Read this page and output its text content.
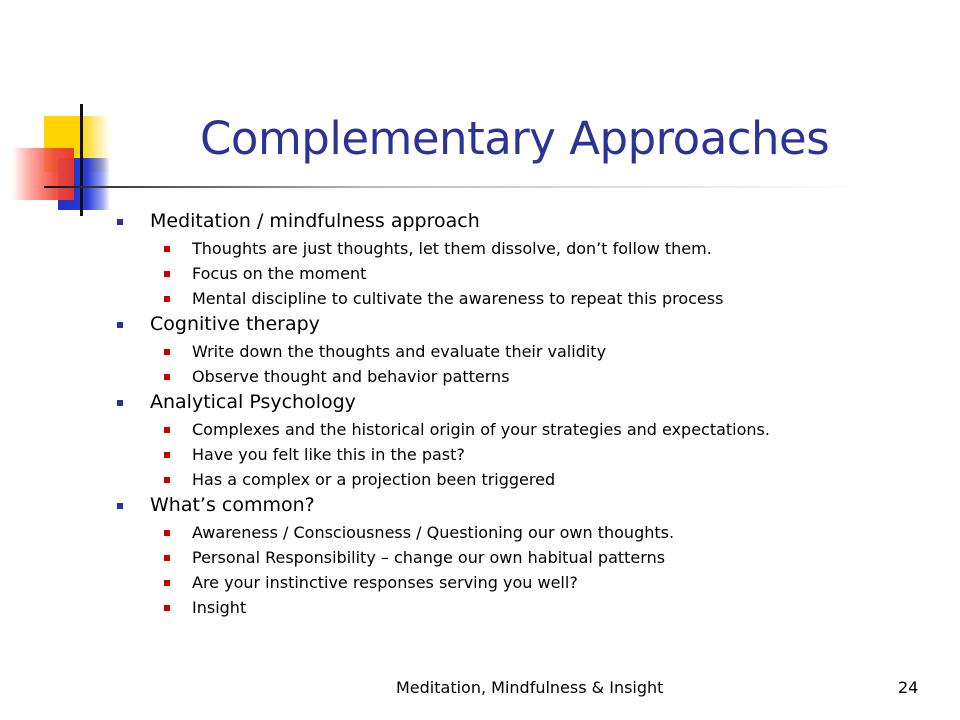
Complementary Approaches
Meditation / mindfulness approach
Thoughts are just thoughts, let them dissolve, don’t follow them.
Focus on the moment
Mental discipline to cultivate the awareness to repeat this process
Cognitive therapy
Write down the thoughts and evaluate their validity
Observe thought and behavior patterns
Analytical Psychology
Complexes and the historical origin of your strategies and expectations.
Have you felt like this in the past?
Has a complex or a projection been triggered
What’s common?
Awareness / Consciousness / Questioning our own thoughts.
Personal Responsibility – change our own habitual patterns
Are your instinctive responses serving you well?
Insight
Meditation, Mindfulness & Insight	24
